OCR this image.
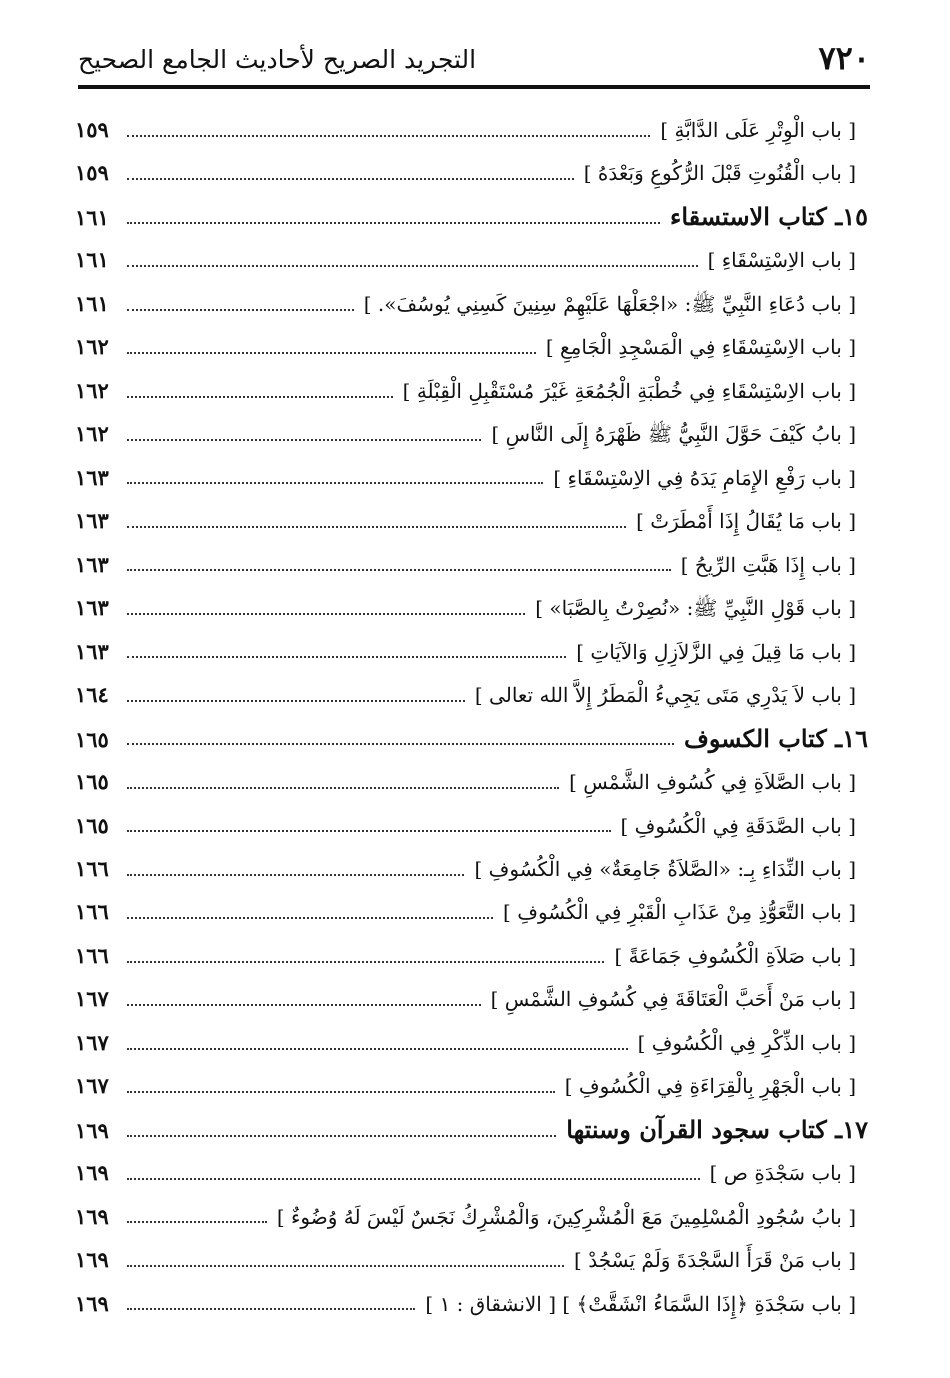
٧٢٠
التجريد الصريح لأحاديث الجامع الصحيح
[ باب الْوِتْرِ عَلَى الدَّابَّةِ ]
١٥٩
[ باب الْقُنُوتِ قَبْلَ الرُّكُوعِ وَبَعْدَهُ ]
١٥٩
١٥ـ كتاب الاستسقاء
١٦١
[ باب الاِسْتِسْقَاءِ ]
١٦١
[ باب دُعَاءِ النَّبِيِّ ﷺ: «اجْعَلْهَا عَلَيْهِمْ سِنِينَ كَسِنِي يُوسُفَ». ]
١٦١
[ باب الاِسْتِسْقَاءِ فِي الْمَسْجِدِ الْجَامِعِ ]
١٦٢
[ باب الاِسْتِسْقَاءِ فِي خُطْبَةِ الْجُمُعَةِ غَيْرَ مُسْتَقْبِلِ الْقِبْلَةِ ]
١٦٢
[ بابُ كَيْفَ حَوَّلَ النَّبِيُّ ﷺ ظَهْرَهُ إِلَى النَّاسِ ]
١٦٢
[ باب رَفْعِ الإِمَامِ يَدَهُ فِي الاِسْتِسْقَاءِ ]
١٦٣
[ باب مَا يُقَالُ إِذَا أَمْطَرَتْ ]
١٦٣
[ باب إِذَا هَبَّتِ الرِّيحُ ]
١٦٣
[ باب قَوْلِ النَّبِيِّ ﷺ: «نُصِرْتُ بِالصَّبَا» ]
١٦٣
[ باب مَا قِيلَ فِي الزَّلاَزِلِ وَالآيَاتِ ]
١٦٣
[ باب لاَ يَدْرِي مَتَى يَجِيءُ الْمَطَرُ إِلاَّ الله تعالى ]
١٦٤
١٦ـ كتاب الكسوف
١٦٥
[ باب الصَّلاَةِ فِي كُسُوفِ الشَّمْسِ ]
١٦٥
[ باب الصَّدَقَةِ فِي الْكُسُوفِ ]
١٦٥
[ باب النِّدَاءِ بِـ: «الصَّلاَةُ جَامِعَةٌ» فِي الْكُسُوفِ ]
١٦٦
[ باب التَّعَوُّذِ مِنْ عَذَابِ الْقَبْرِ فِي الْكُسُوفِ ]
١٦٦
[ باب صَلاَةِ الْكُسُوفِ جَمَاعَةً ]
١٦٦
[ باب مَنْ أَحَبَّ الْعَتَاقَةَ فِي كُسُوفِ الشَّمْسِ ]
١٦٧
[ باب الذِّكْرِ فِي الْكُسُوفِ ]
١٦٧
[ باب الْجَهْرِ بِالْقِرَاءَةِ فِي الْكُسُوفِ ]
١٦٧
١٧ـ كتاب سجود القرآن وسنتها
١٦٩
[ باب سَجْدَةِ ص ]
١٦٩
[ بابُ سُجُودِ الْمُسْلِمِينَ مَعَ الْمُشْرِكِينَ، وَالْمُشْرِكُ نَجَسٌ لَيْسَ لَهُ وُضُوءٌ ]
١٦٩
[ باب مَنْ قَرَأَ السَّجْدَةَ وَلَمْ يَسْجُدْ ]
١٦٩
[ باب سَجْدَةِ ﴿إِذَا السَّمَاءُ انْشَقَّتْ﴾ ] [ الانشقاق : ١ ]
١٦٩
